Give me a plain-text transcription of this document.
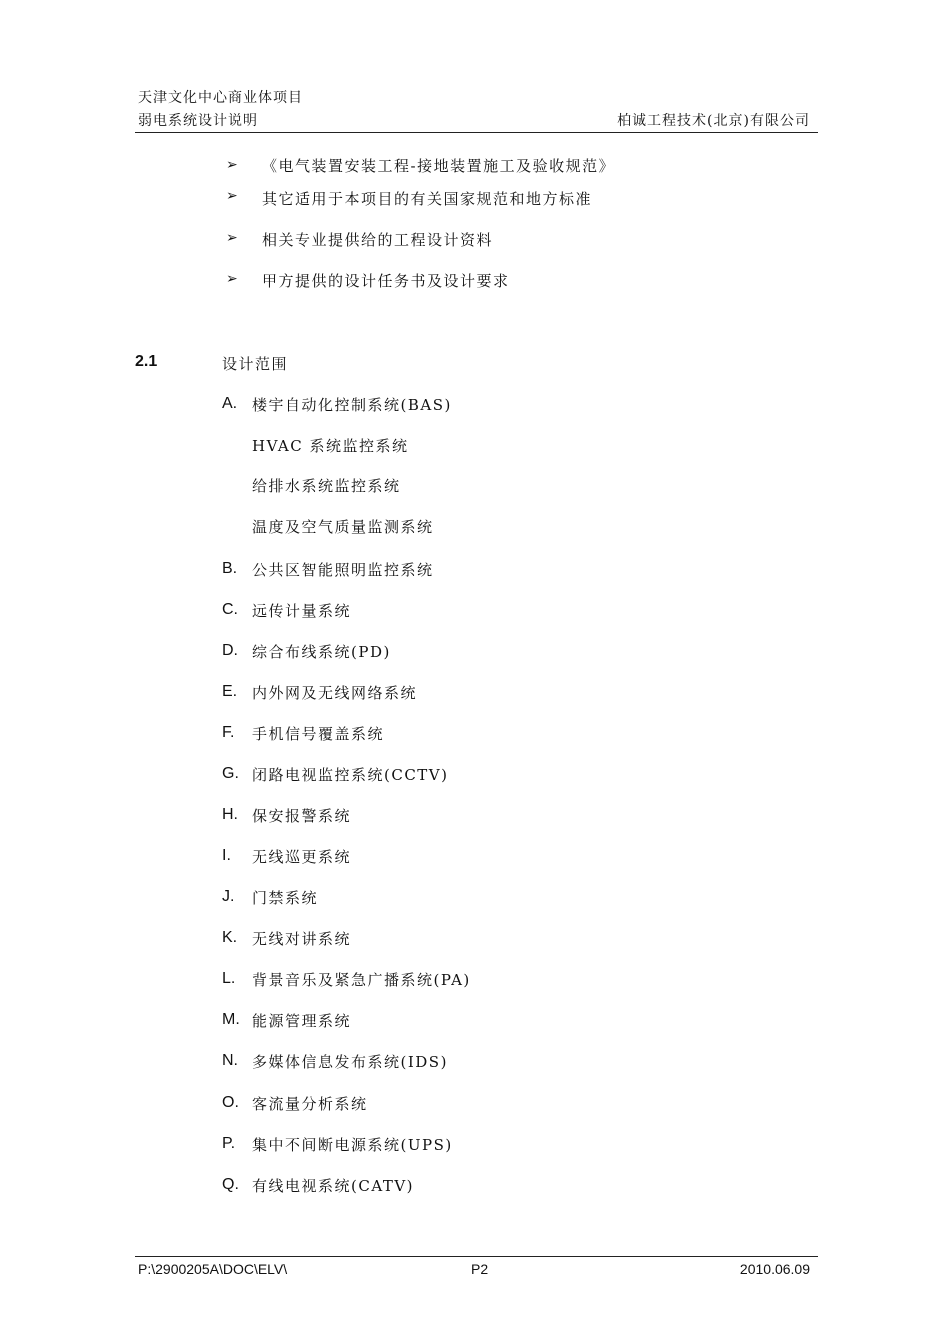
天津文化中心商业体项目
弱电系统设计说明	柏诚工程技术(北京)有限公司
➢ 《电气装置安装工程-接地装置施工及验收规范》
➢ 其它适用于本项目的有关国家规范和地方标准
➢ 相关专业提供给的工程设计资料
➢ 甲方提供的设计任务书及设计要求
2.1	设计范围
A. 楼宇自动化控制系统(BAS)
HVAC 系统监控系统
给排水系统监控系统
温度及空气质量监测系统
B. 公共区智能照明监控系统
C. 远传计量系统
D. 综合布线系统(PD)
E. 内外网及无线网络系统
F. 手机信号覆盖系统
G. 闭路电视监控系统(CCTV)
H. 保安报警系统
I. 无线巡更系统
J. 门禁系统
K. 无线对讲系统
L. 背景音乐及紧急广播系统(PA)
M. 能源管理系统
N. 多媒体信息发布系统(IDS)
O. 客流量分析系统
P. 集中不间断电源系统(UPS)
Q. 有线电视系统(CATV)
P:\2900205A\DOC\ELV\	P2	2010.06.09
